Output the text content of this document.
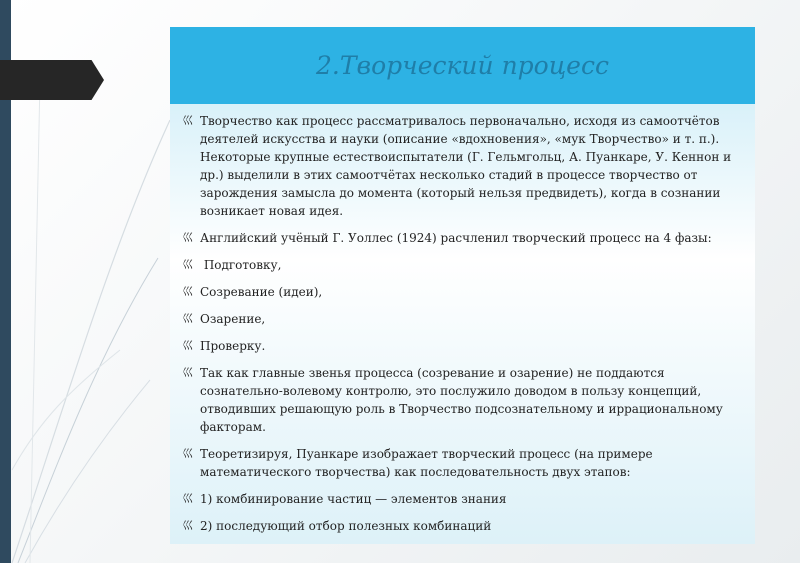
2.Творческий процесс
⼮ Творчество как процесс рассматривалось первоначально, исходя из самоотчётов деятелей искусства и науки (описание «вдохновения», «мук Творчество» и т. п.). Некоторые крупные естествоиспытатели (Г. Гельмгольц, А. Пуанкаре, У. Кеннон и др.) выделили в этих самоотчётах несколько стадий в процессе творчество от зарождения замысла до момента (который нельзя предвидеть), когда в сознании возникает новая идея.
⼮ Английский учёный Г. Уоллес (1924) расчленил творческий процесс на 4 фазы:
⼮ Подготовку,
⼮ Созревание (идеи),
⼮ Озарение,
⼮ Проверку.
⼮ Так как главные звенья процесса (созревание и озарение) не поддаются сознательно-волевому контролю, это послужило доводом в пользу концепций, отводивших решающую роль в Творчество подсознательному и иррациональному факторам.
⼮ Теоретизируя, Пуанкаре изображает творческий процесс (на примере математического творчества) как последовательность двух этапов:
⼮ 1) комбинирование частиц — элементов знания
⼮ 2) последующий отбор полезных комбинаций
